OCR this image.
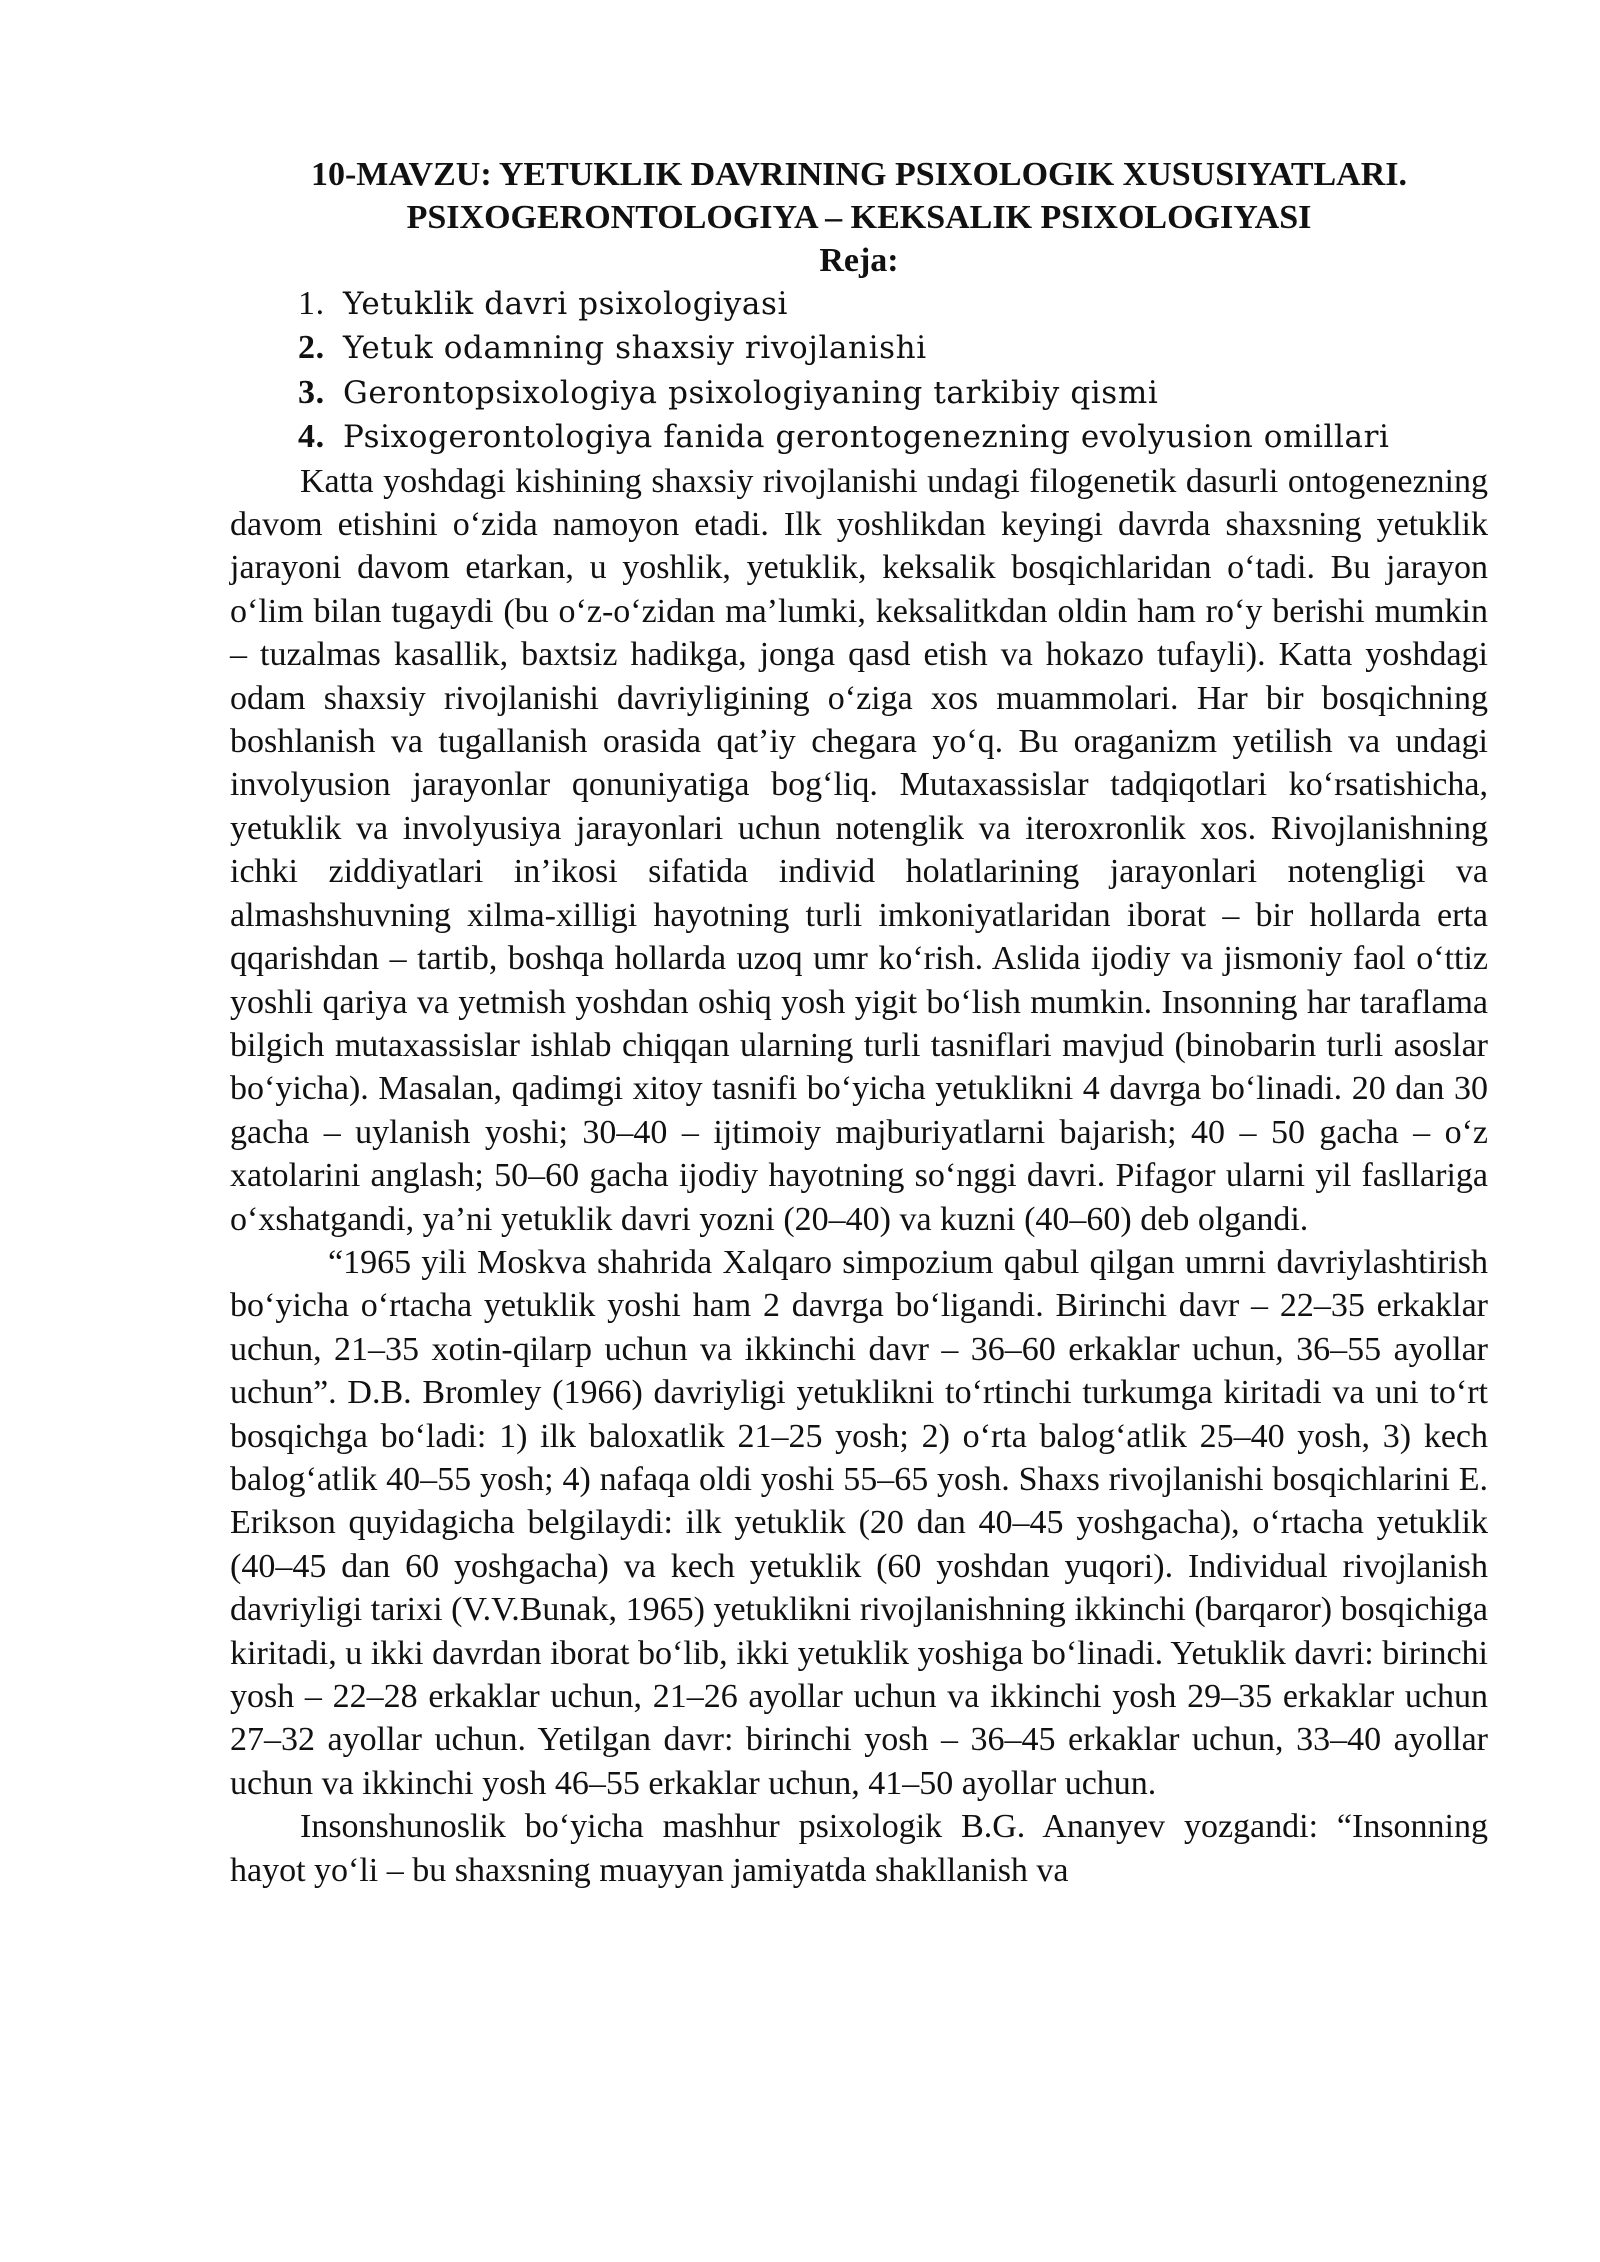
10-MAVZU: YETUKLIK DAVRINING PSIXOLOGIK XUSUSIYATLARI.
PSIXOGERONTOLOGIYA – KEKSALIK PSIXOLOGIYASI
Reja:
1. Yetuklik davri psixologiyasi
2. Yetuk odamning shaxsiy rivojlanishi
3. Gerontopsixologiya psixologiyaning tarkibiy qismi
4. Psixogerontologiya fanida gerontogenezning evolyusion omillari

Katta yoshdagi kishining shaxsiy rivojlanishi undagi filogenetik dasurli ontogenezning davom etishini o‘zida namoyon etadi. Ilk yoshlikdan keyingi davrda shaxsning yetuklik jarayoni davom etarkan, u yoshlik, yetuklik, keksalik bosqichlaridan o‘tadi. Bu jarayon o‘lim bilan tugaydi (bu o‘z-o‘zidan ma’lumki, keksalitkdan oldin ham ro‘y berishi mumkin – tuzalmas kasallik, baxtsiz hadikga, jonga qasd etish va hokazo tufayli). Katta yoshdagi odam shaxsiy rivojlanishi davriyligining o‘ziga xos muammolari. Har bir bosqichning boshlanish va tugallanish orasida qat’iy chegara yo‘q. Bu oraganizm yetilish va undagi involyusion jarayonlar qonuniyatiga bog‘liq. Mutaxassislar tadqiqotlari ko‘rsatishicha, yetuklik va involyusiya jarayonlari uchun notenglik va iteroxronlik xos. Rivojlanishning ichki ziddiyatlari in’ikosi sifatida individ holatlarining jarayonlari notengligi va almashshuvning xilma-xilligi hayotning turli imkoniyatlaridan iborat – bir hollarda erta qqarishdan – tartib, boshqa hollarda uzoq umr ko‘rish. Aslida ijodiy va jismoniy faol o‘ttiz yoshli qariya va yetmish yoshdan oshiq yosh yigit bo‘lish mumkin. Insonning har taraflama bilgich mutaxassislar ishlab chiqqan ularning turli tasniflari mavjud (binobarin turli asoslar bo‘yicha). Masalan, qadimgi xitoy tasnifi bo‘yicha yetuklikni 4 davrga bo‘linadi. 20 dan 30 gacha – uylanish yoshi; 30–40 – ijtimoiy majburiyatlarni bajarish; 40 – 50 gacha – o‘z xatolarini anglash; 50–60 gacha ijodiy hayotning so‘nggi davri. Pifagor ularni yil fasllariga o‘xshatgandi, ya’ni yetuklik davri yozni (20–40) va kuzni (40–60) deb olgandi.

“1965 yili Moskva shahrida Xalqaro simpozium qabul qilgan umrni davriylashtirish bo‘yicha o‘rtacha yetuklik yoshi ham 2 davrga bo‘ligandi. Birinchi davr – 22–35 erkaklar uchun, 21–35 xotin-qilarp uchun va ikkinchi davr – 36–60 erkaklar uchun, 36–55 ayollar uchun”. D.B. Bromley (1966) davriyligi yetuklikni to‘rtinchi turkumga kiritadi va uni to‘rt bosqichga bo‘ladi: 1) ilk baloxatlik 21–25 yosh; 2) o‘rta balog‘atlik 25–40 yosh, 3) kech balog‘atlik 40–55 yosh; 4) nafaqa oldi yoshi 55–65 yosh. Shaxs rivojlanishi bosqichlarini E. Erikson quyidagicha belgilaydi: ilk yetuklik (20 dan 40–45 yoshgacha), o‘rtacha yetuklik (40–45 dan 60 yoshgacha) va kech yetuklik (60 yoshdan yuqori). Individual rivojlanish davriyligi tarixi (V.V.Bunak, 1965) yetuklikni rivojlanishning ikkinchi (barqaror) bosqichiga kiritadi, u ikki davrdan iborat bo‘lib, ikki yetuklik yoshiga bo‘linadi. Yetuklik davri: birinchi yosh – 22–28 erkaklar uchun, 21–26 ayollar uchun va ikkinchi yosh 29–35 erkaklar uchun 27–32 ayollar uchun. Yetilgan davr: birinchi yosh – 36–45 erkaklar uchun, 33–40 ayollar uchun va ikkinchi yosh 46–55 erkaklar uchun, 41–50 ayollar uchun.

Insonshunoslik bo‘yicha mashhur psixologik B.G. Ananyev yozgandi: “Insonning hayot yo‘li – bu shaxsning muayyan jamiyatda shakllanish va
